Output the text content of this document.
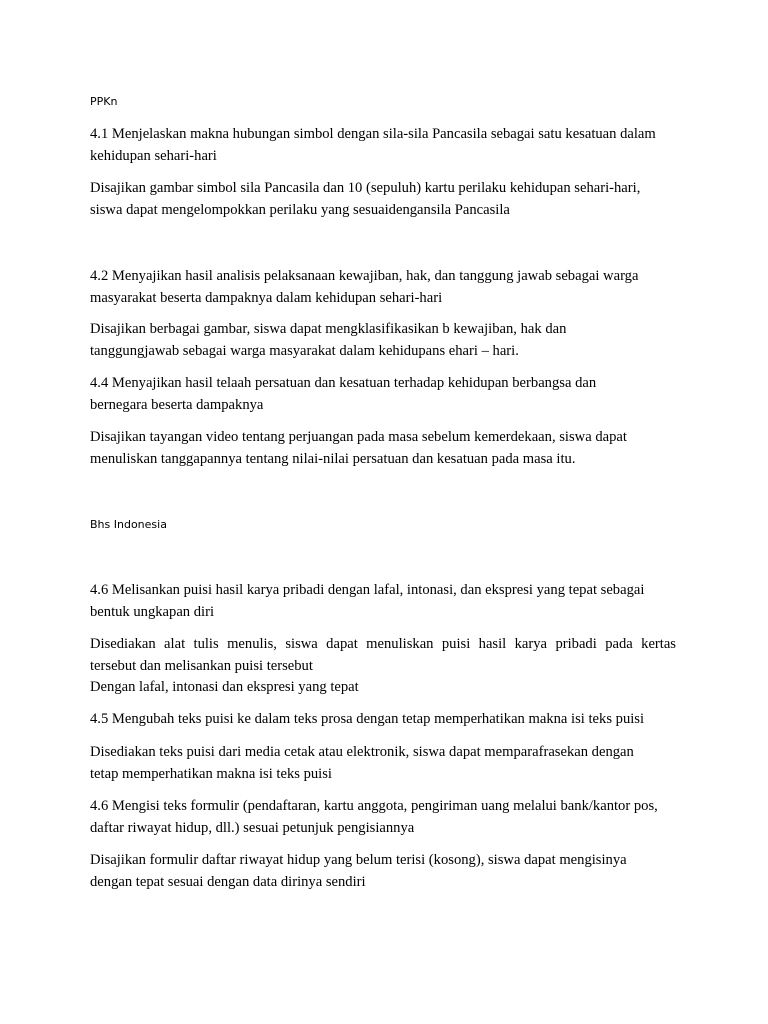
PPKn
4.1 Menjelaskan makna hubungan simbol dengan sila-sila Pancasila sebagai satu kesatuan dalam
kehidupan sehari-hari
Disajikan gambar simbol sila Pancasila dan 10 (sepuluh) kartu perilaku kehidupan sehari-hari,
siswa dapat mengelompokkan perilaku yang sesuaidengansila Pancasila
4.2 Menyajikan hasil analisis pelaksanaan kewajiban, hak, dan tanggung jawab sebagai warga
masyarakat beserta dampaknya dalam kehidupan sehari-hari
Disajikan berbagai gambar, siswa dapat mengklasifikasikan b kewajiban, hak dan
tanggungjawab sebagai warga masyarakat dalam kehidupans ehari – hari.
4.4 Menyajikan hasil telaah persatuan dan kesatuan terhadap kehidupan berbangsa dan
bernegara beserta dampaknya
Disajikan tayangan video tentang perjuangan pada masa sebelum kemerdekaan, siswa dapat
menuliskan tanggapannya tentang nilai-nilai persatuan dan kesatuan pada masa itu.
Bhs Indonesia
4.6 Melisankan puisi hasil karya pribadi dengan lafal, intonasi, dan ekspresi yang tepat sebagai
bentuk ungkapan diri
Disediakan alat tulis menulis, siswa dapat menuliskan puisi hasil karya pribadi pada kertas
tersebut dan melisankan puisi tersebut
Dengan lafal, intonasi dan ekspresi yang tepat
4.5 Mengubah teks puisi ke dalam teks prosa dengan tetap memperhatikan makna isi teks puisi
Disediakan teks puisi dari media cetak atau elektronik, siswa dapat memparafrasekan dengan
tetap memperhatikan makna isi teks puisi
4.6 Mengisi teks formulir (pendaftaran, kartu anggota, pengiriman uang melalui bank/kantor pos,
daftar riwayat hidup, dll.) sesuai petunjuk pengisiannya
Disajikan formulir daftar riwayat hidup yang belum terisi (kosong), siswa dapat mengisinya
dengan tepat sesuai dengan data dirinya sendiri
